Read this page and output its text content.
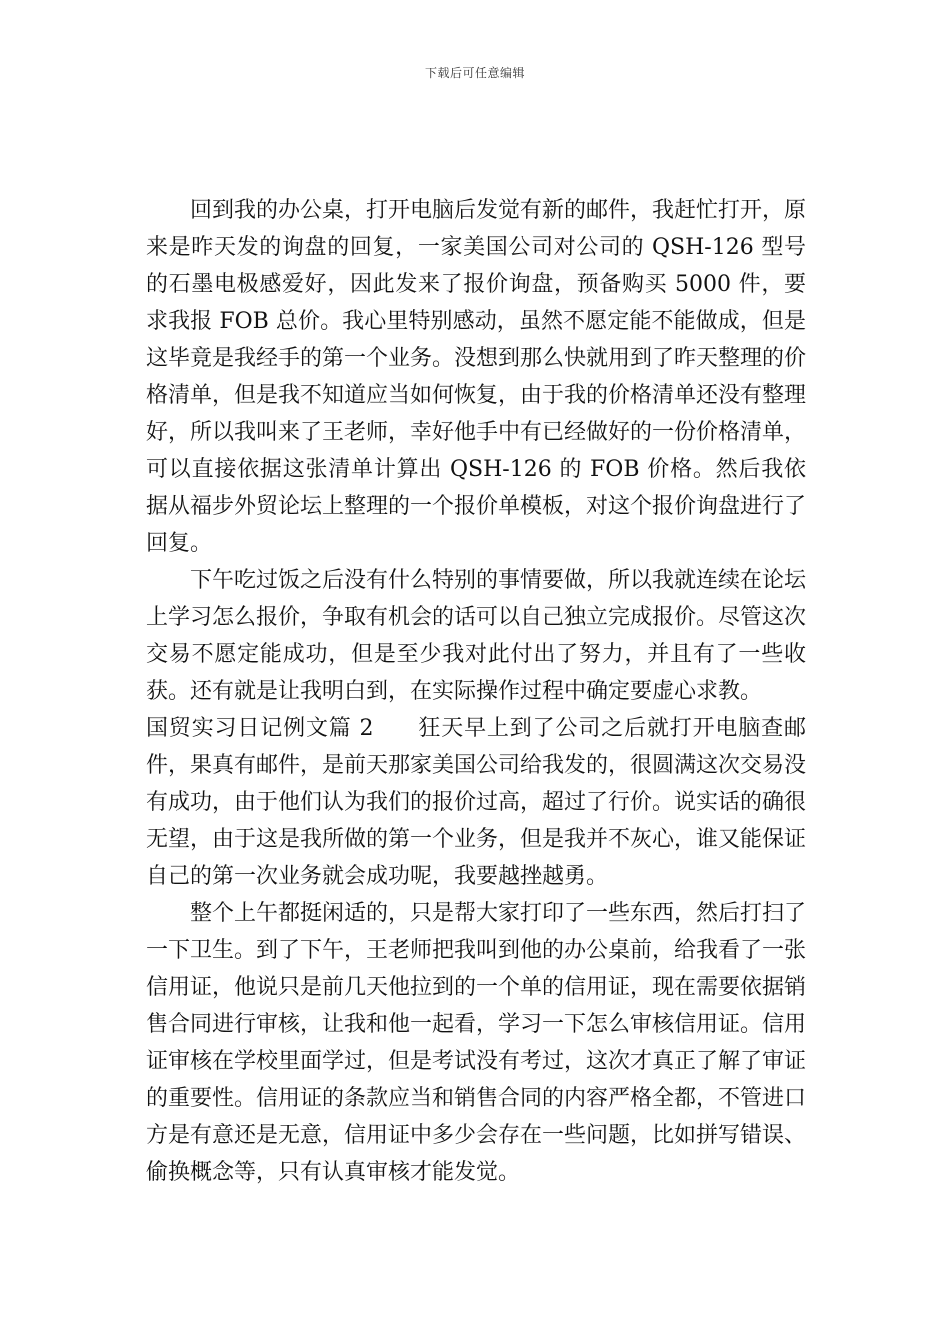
下载后可任意编辑

回到我的办公桌，打开电脑后发觉有新的邮件，我赶忙打开，原来是昨天发的询盘的回复，一家美国公司对公司的 QSH-126 型号的石墨电极感爱好，因此发来了报价询盘，预备购买 5000 件，要求我报 FOB 总价。我心里特别感动，虽然不愿定能不能做成，但是这毕竟是我经手的第一个业务。没想到那么快就用到了昨天整理的价格清单，但是我不知道应当如何恢复，由于我的价格清单还没有整理好，所以我叫来了王老师，幸好他手中有已经做好的一份价格清单，可以直接依据这张清单计算出 QSH-126 的 FOB 价格。然后我依据从福步外贸论坛上整理的一个报价单模板，对这个报价询盘进行了回复。

下午吃过饭之后没有什么特别的事情要做，所以我就连续在论坛上学习怎么报价，争取有机会的话可以自己独立完成报价。尽管这次交易不愿定能成功，但是至少我对此付出了努力，并且有了一些收获。还有就是让我明白到，在实际操作过程中确定要虚心求教。

国贸实习日记例文篇 2 狂天早上到了公司之后就打开电脑查邮件，果真有邮件，是前天那家美国公司给我发的，很圆满这次交易没有成功，由于他们认为我们的报价过高，超过了行价。说实话的确很无望，由于这是我所做的第一个业务，但是我并不灰心，谁又能保证自己的第一次业务就会成功呢，我要越挫越勇。

整个上午都挺闲适的，只是帮大家打印了一些东西，然后打扫了一下卫生。到了下午，王老师把我叫到他的办公桌前，给我看了一张信用证，他说只是前几天他拉到的一个单的信用证，现在需要依据销售合同进行审核，让我和他一起看，学习一下怎么审核信用证。信用证审核在学校里面学过，但是考试没有考过，这次才真正了解了审证的重要性。信用证的条款应当和销售合同的内容严格全都，不管进口方是有意还是无意，信用证中多少会存在一些问题，比如拼写错误、偷换概念等，只有认真审核才能发觉。
